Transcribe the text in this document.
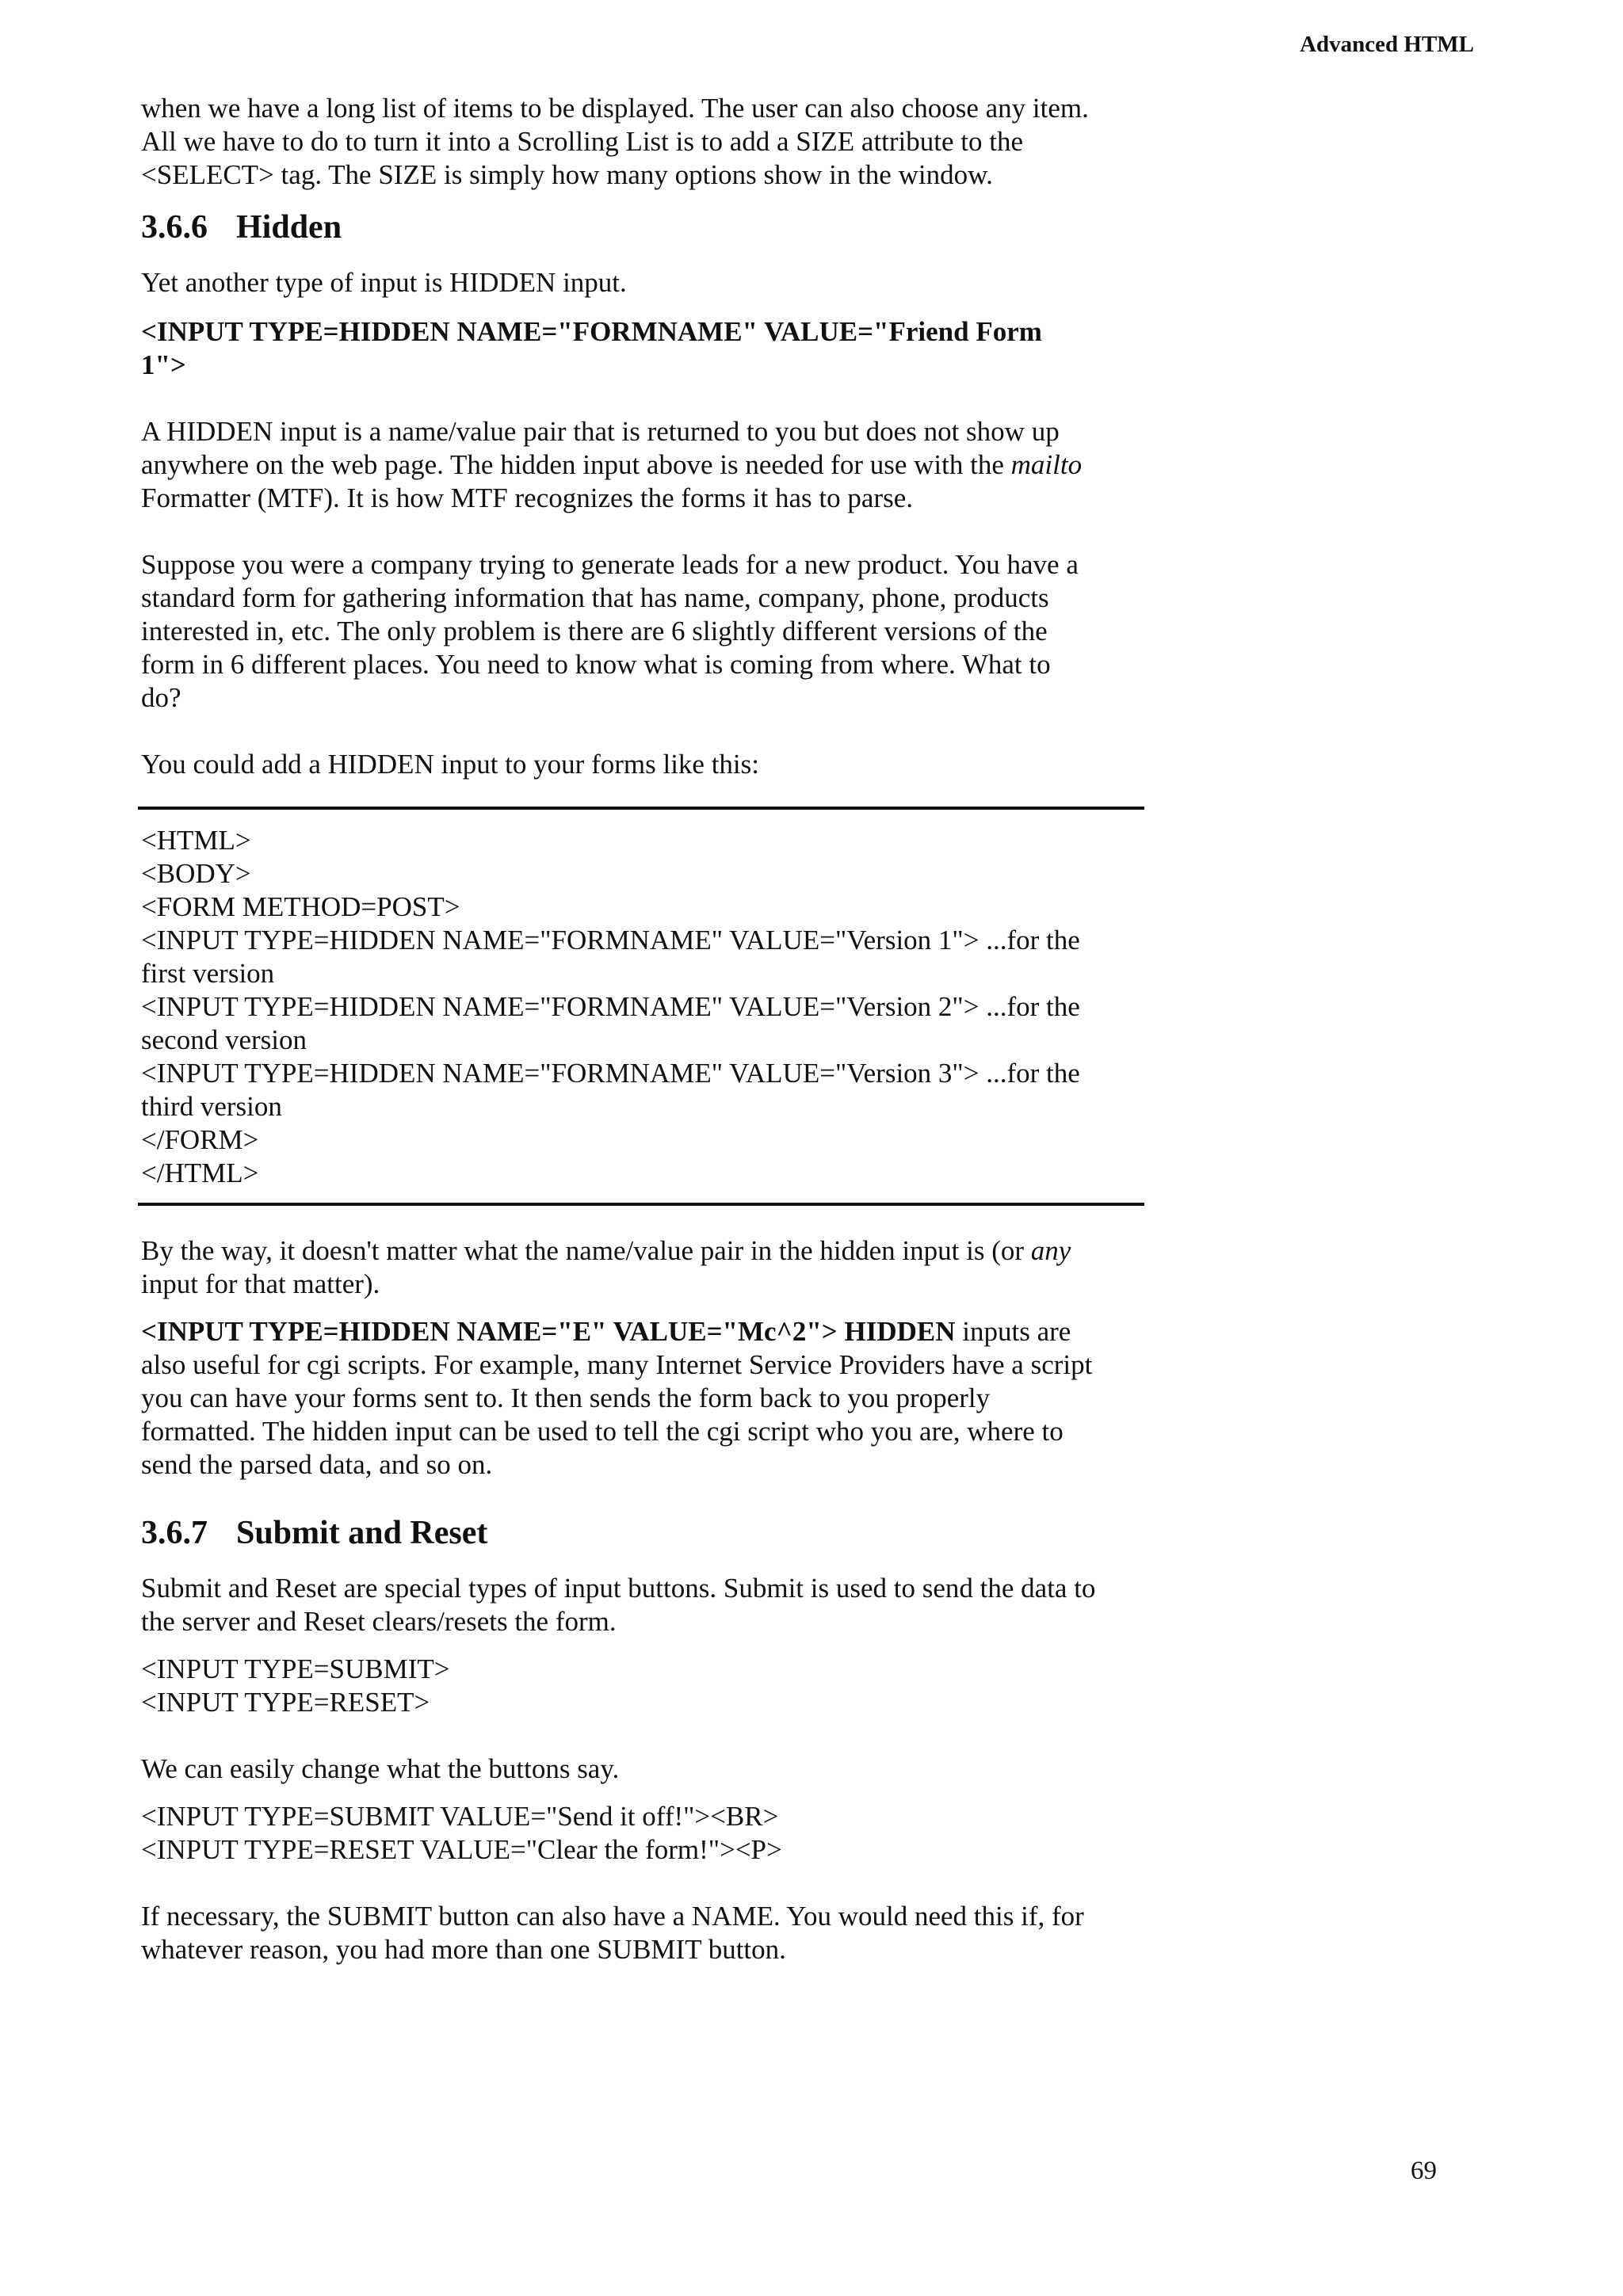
Advanced HTML

when we have a long list of items to be displayed. The user can also choose any item.

All we have to do to turn it into a Scrolling List is to add a SIZE attribute to the

<SELECT> tag. The SIZE is simply how many options show in the window.

3.6.6 Hidden

Yet another type of input is HIDDEN input.

<INPUT TYPE=HIDDEN NAME="FORMNAME" VALUE="Friend Form

1">

A HIDDEN input is a name/value pair that is returned to you but does not show up
anywhere on the web page. The hidden input above is needed for use with the mailto
Formatter (MTF). It is how MTF recognizes the forms it has to parse.

Suppose you were a company trying to generate leads for a new product. You have a
standard form for gathering information that has name, company, phone, products
interested in, etc. The only problem is there are 6 slightly different versions of the
form in 6 different places. You need to know what is coming from where. What to
do?

You could add a HIDDEN input to your forms like this:

<HTML>

<BODY>

<FORM METHOD=POST>

<INPUT TYPE=HIDDEN NAME="FORMNAME" VALUE="Version 1"> ...for the

first version

<INPUT TYPE=HIDDEN NAME="FORMNAME" VALUE="Version 2"> ...for the

second version

<INPUT TYPE=HIDDEN NAME="FORMNAME" VALUE="Version 3"> ...for the

third version

</FORM>

</HTML>

By the way, it doesn't matter what the name/value pair in the hidden input is (or any
input for that matter).

<INPUT TYPE=HIDDEN NAME="E" VALUE="Mc^2"> HIDDEN inputs are
also useful for cgi scripts. For example, many Internet Service Providers have a script
you can have your forms sent to. It then sends the form back to you properly
formatted. The hidden input can be used to tell the cgi script who you are, where to
send the parsed data, and so on.

3.6.7 Submit and Reset

Submit and Reset are special types of input buttons. Submit is used to send the data to
the server and Reset clears/resets the form.

<INPUT TYPE=SUBMIT>

<INPUT TYPE=RESET>

We can easily change what the buttons say.

<INPUT TYPE=SUBMIT VALUE="Send it off!"><BR>

<INPUT TYPE=RESET VALUE="Clear the form!"><P>

If necessary, the SUBMIT button can also have a NAME. You would need this if, for
whatever reason, you had more than one SUBMIT button.

69
